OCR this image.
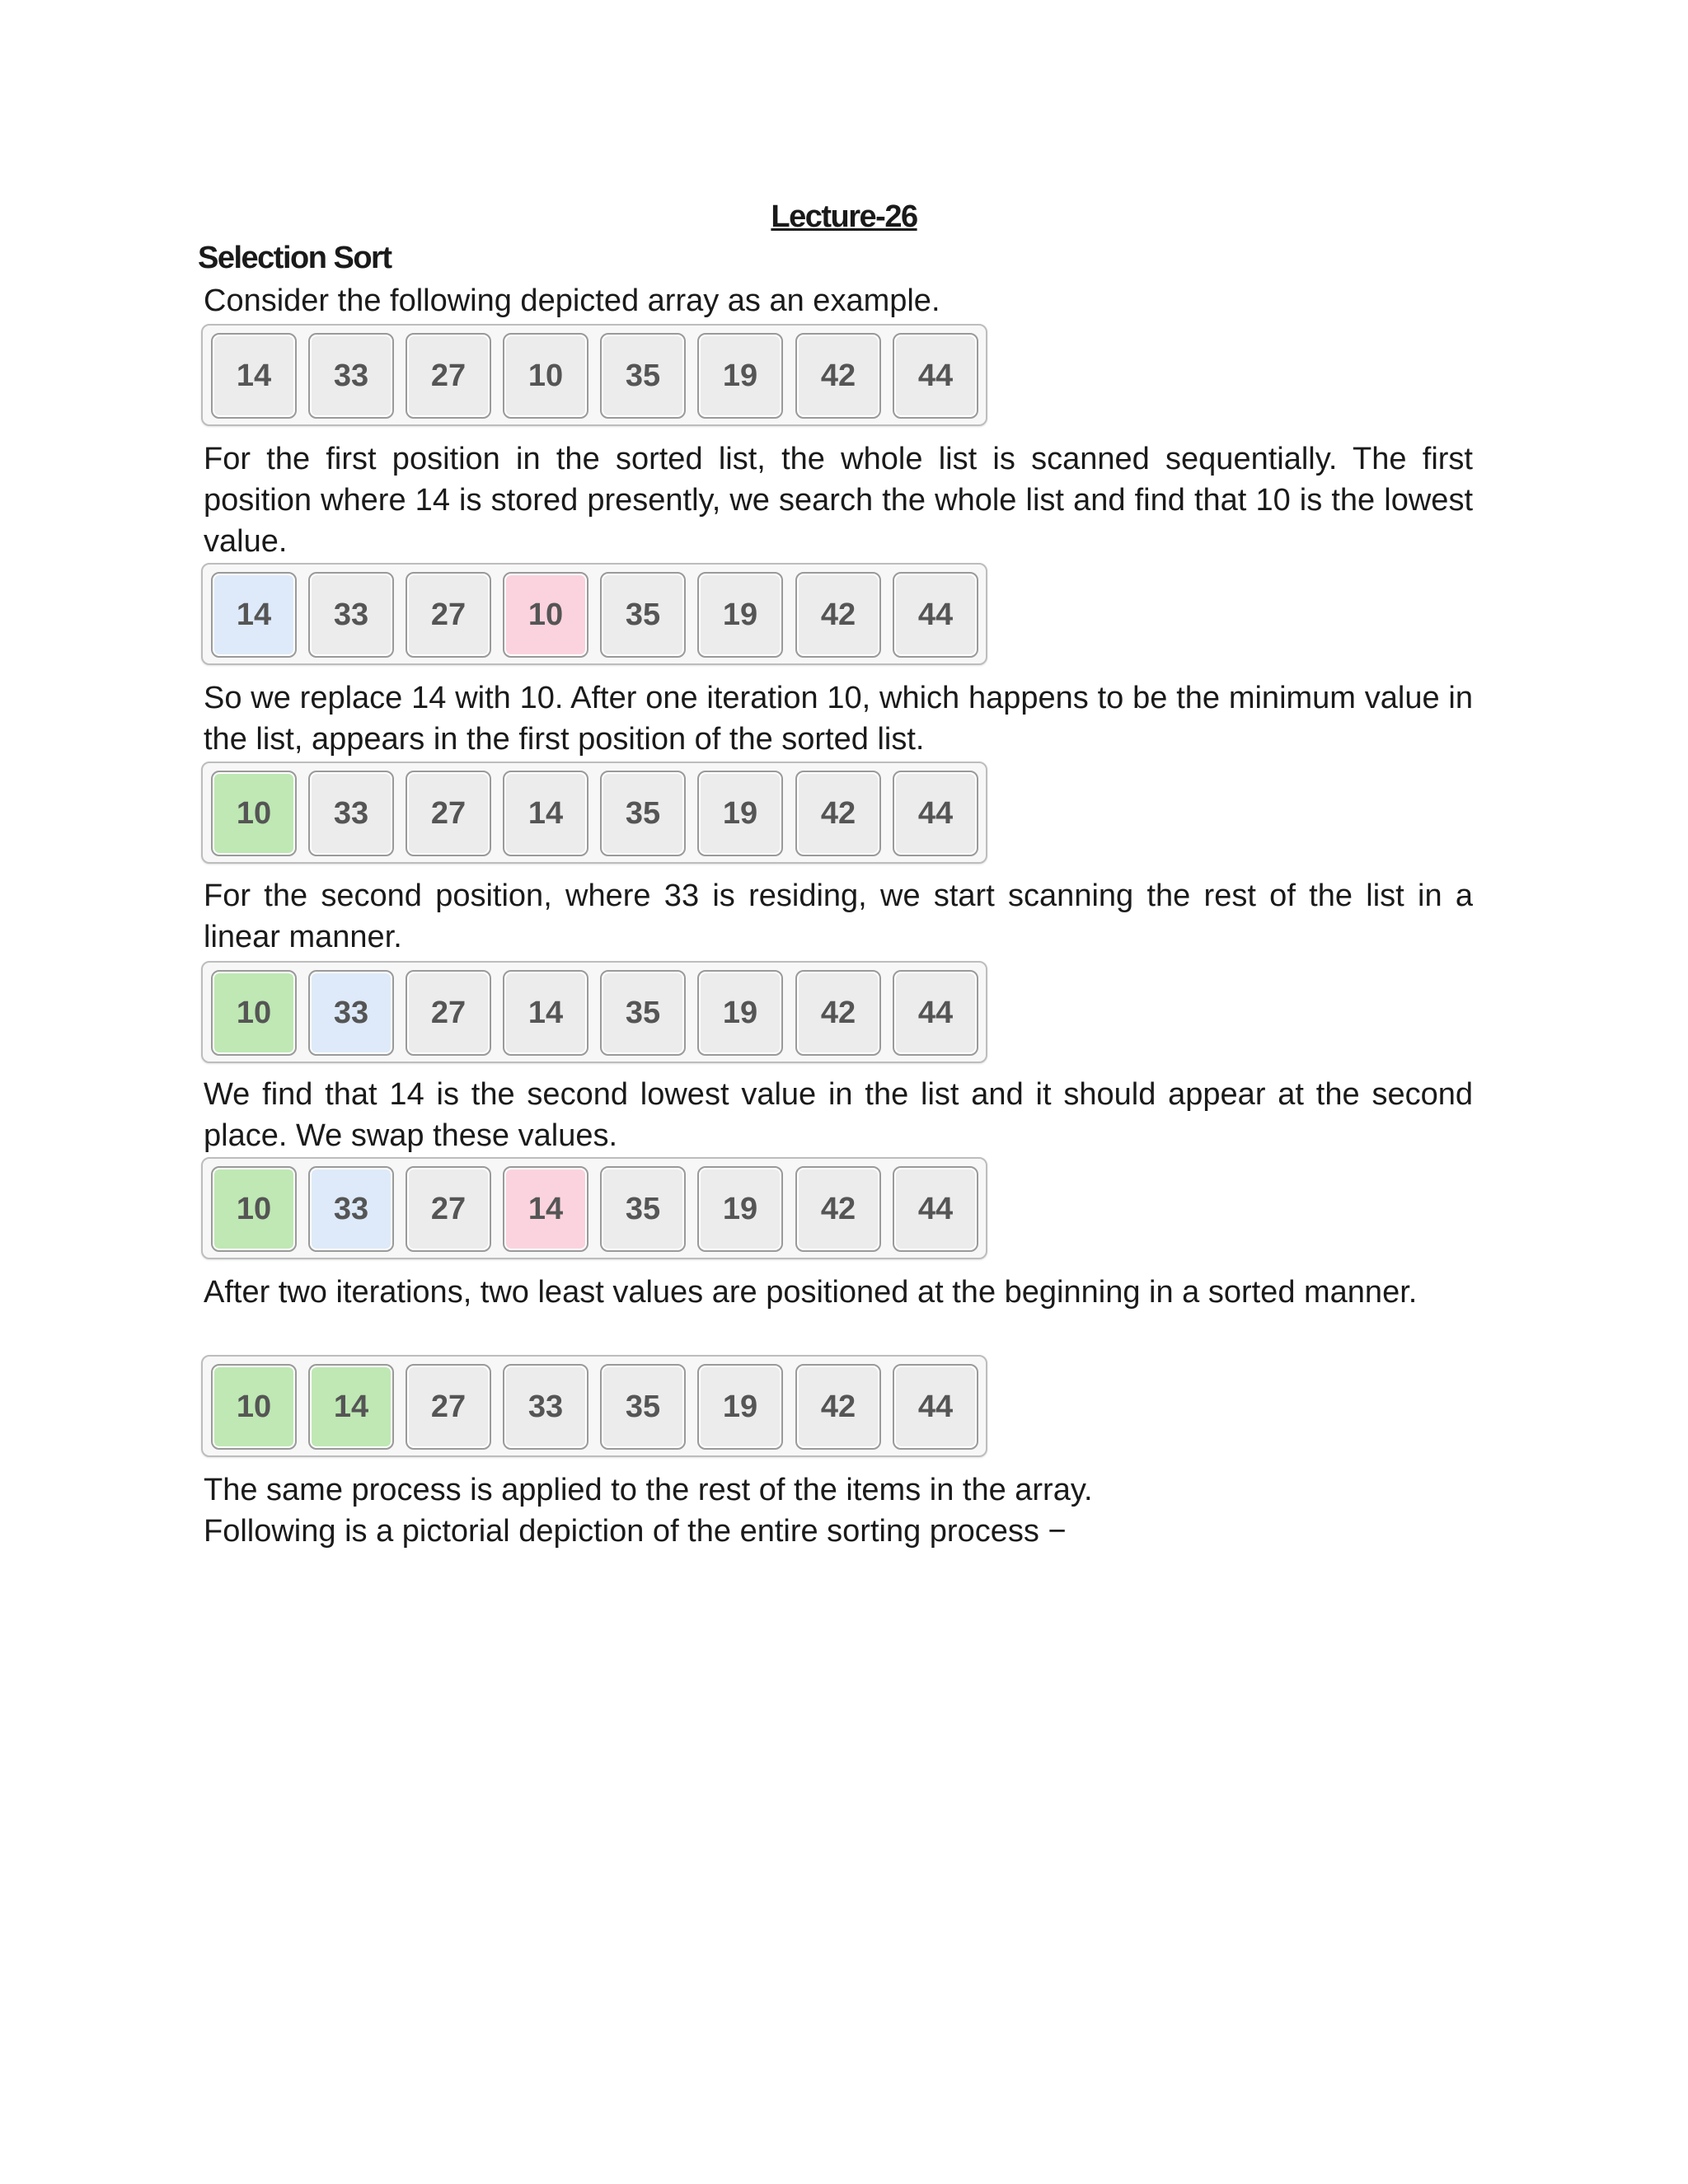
Lecture-26
Selection Sort

Consider the following depicted array as an example.

14	33	27	10	35	19	42	44

For the first position in the sorted list, the whole list is scanned sequentially. The first position where 14 is stored presently, we search the whole list and find that 10 is the lowest value.

14	33	27	10	35	19	42	44

So we replace 14 with 10. After one iteration 10, which happens to be the minimum value in the list, appears in the first position of the sorted list.

10	33	27	14	35	19	42	44

For the second position, where 33 is residing, we start scanning the rest of the list in a linear manner.

10	33	27	14	35	19	42	44

We find that 14 is the second lowest value in the list and it should appear at the second place. We swap these values.

10	33	27	14	35	19	42	44

After two iterations, two least values are positioned at the beginning in a sorted manner.

10	14	27	33	35	19	42	44

The same process is applied to the rest of the items in the array.

Following is a pictorial depiction of the entire sorting process −
